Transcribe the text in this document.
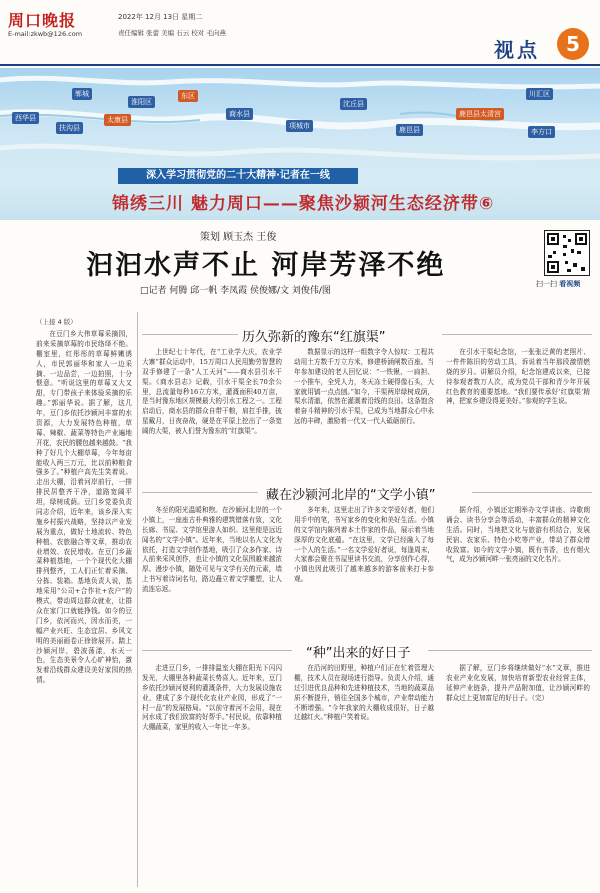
周口晚报
E-mail:zkwb@126.com
2022年 12月 13日 星期二
责任编辑 张蕾 美编 石云 校对 毛向燕
视点	5
郸城
淮阳区
东区
西华县
扶沟县
太康县
商水县
项城市
沈丘县
鹿邑县
鹿邑县太清宫
川汇区
李方口
深入学习贯彻党的二十大精神·记者在一线
锦绣三川 魅力周口——聚焦沙颍河生态经济带⑥
策划 顾玉杰 王俊
汩汩水声不止 河岸芳泽不绝
□记者 何腾 邱一帆 李凤霞 侯俊娜/文 刘俊伟/图
扫一扫 看视频
（上接 4 版）

在豆门乡大伟草莓采摘园，前来采摘草莓的市民络绎不绝。棚室里，红彤彤的草莓鲜嫩诱人，市民郭丽华和家人一边采摘、一边品尝，一边拍照，十分惬意。“听说这里的草莓又大又甜，专门带孩子来体验采摘的乐趣。”郭丽华说。据了解，这几年，豆门乡依托沙颍河丰富的水资源，大力发展特色种植，草莓、辣椒、蔬菜等特色产业遍地开花，农民的腰包越来越鼓。“我种了好几个大棚草莓，今年每亩能收入两三万元，比以前种粮食强多了。”种植户高先生笑着说。走出大棚，沿着河岸前行，一排排民居整齐干净，道路宽阔平坦，绿树成荫。豆门乡党委负责同志介绍，近年来，该乡深入实施乡村振兴战略，坚持以产业发展为重点，做好土地流转、特色种植、农旅融合等文章，推动农业增效、农民增收。在豆门乡蔬菜种植基地，一个个现代化大棚排列整齐，工人们正忙着采摘、分拣、装箱。基地负责人说，基地采用“公司+合作社+农户”的模式，带动周边群众就业，让群众在家门口就能挣钱。如今的豆门乡，依河而兴，因水而美，一幅产业兴旺、生态宜居、乡风文明的美丽画卷正徐徐展开。踏上沙颍河岸，碧波荡漾，水天一色，生态美景令人心旷神怡，激发着沿线群众建设美好家园的热情。

历久弥新的豫东“红旗渠”

上世纪七十年代，在“工业学大庆，农业学大寨”群众运动中，15万周口人民用勤劳智慧的双手修建了一条“人工天河”——商水县引水干渠。《商水县志》记载，引水干渠全长70余公里，总流量每秒16立方米，灌溉面积40万亩，是当时豫东地区规模最大的引水工程之一。工程启动后，商水县的群众自带干粮，肩扛手推，披星戴月，日夜奋战，硬是在平原上挖出了一条宽阔的大渠，被人们誉为豫东的“红旗渠”。

数据显示的这样一组数字令人惊叹：工程共动用土方数千万立方米，修建桥涵闸数百座。当年参加建设的老人回忆说：“一铁锹、一扁担、一小推车，全凭人力，冬天冻土硬得像石头，大家就用镐一点点刨。”如今，干渠两岸绿树成荫，渠水清澈，依然在灌溉着沿线的良田。这条饱含着奋斗精神的引水干渠，已成为当地群众心中永远的丰碑，激励着一代又一代人砥砺前行。

在引水干渠纪念馆，一张张泛黄的老照片、一件件陈旧的劳动工具，诉说着当年那段激情燃烧的岁月。讲解员介绍，纪念馆建成以来，已接待参观者数万人次，成为党员干部和青少年开展红色教育的重要基地。“我们要传承好‘红旗渠’精神，把家乡建设得更美好。”参观的学生说。

藏在沙颍河北岸的“文学小镇”

冬至的阳光温暖和煦。在沙颍河北岸的一个小镇上，一座座古朴典雅的建筑错落有致，文化长廊、书屋、文学馆里游人如织。这里便是远近闻名的“文学小镇”。近年来，当地以名人文化为依托，打造文学创作基地，吸引了众多作家、诗人前来采风创作，也让小镇的文化氛围越来越浓厚。漫步小镇，随处可见与文学有关的元素，墙上书写着诗词名句，路边矗立着文学雕塑，让人流连忘返。

多年来，这里走出了许多文学爱好者，他们用手中的笔，书写家乡的变化和美好生活。小镇的文学馆内陈列着本土作家的作品，展示着当地深厚的文化底蕴。“在这里，文学已经融入了每一个人的生活。”一名文学爱好者说，每逢周末，大家都会聚在书屋里读书交流，分享创作心得，小镇也因此吸引了越来越多的游客前来打卡参观。

据介绍，小镇还定期举办文学讲座、诗歌朗诵会、读书分享会等活动，丰富群众的精神文化生活。同时，当地把文化与旅游有机结合，发展民宿、农家乐、特色小吃等产业，带动了群众增收致富。如今的文学小镇，既有书香，也有烟火气，成为沙颍河畔一张亮丽的文化名片。

“种”出来的好日子

走进豆门乡，一排排温室大棚在阳光下闪闪发光，大棚里各种蔬菜长势喜人。近年来，豆门乡依托沙颍河便利的灌溉条件，大力发展设施农业，建成了多个现代化农业产业园，形成了“一村一品”的发展格局。“以前守着河不会用，现在河水成了我们致富的好帮手。”村民说，依靠种植大棚蔬菜，家里的收入一年比一年多。

在沿河的田野里，种植户们正在忙着管理大棚，技术人员在现场进行指导。负责人介绍，通过引进优良品种和先进种植技术，当地的蔬菜品质不断提升，销往全国多个城市，产业带动能力不断增强。“今年我家的大棚收成很好，日子越过越红火。”种植户笑着说。

据了解，豆门乡将继续做好“水”文章，推进农业产业化发展，加快培育新型农业经营主体，延伸产业链条，提升产品附加值，让沙颍河畔的群众过上更加富足的好日子。（完）
